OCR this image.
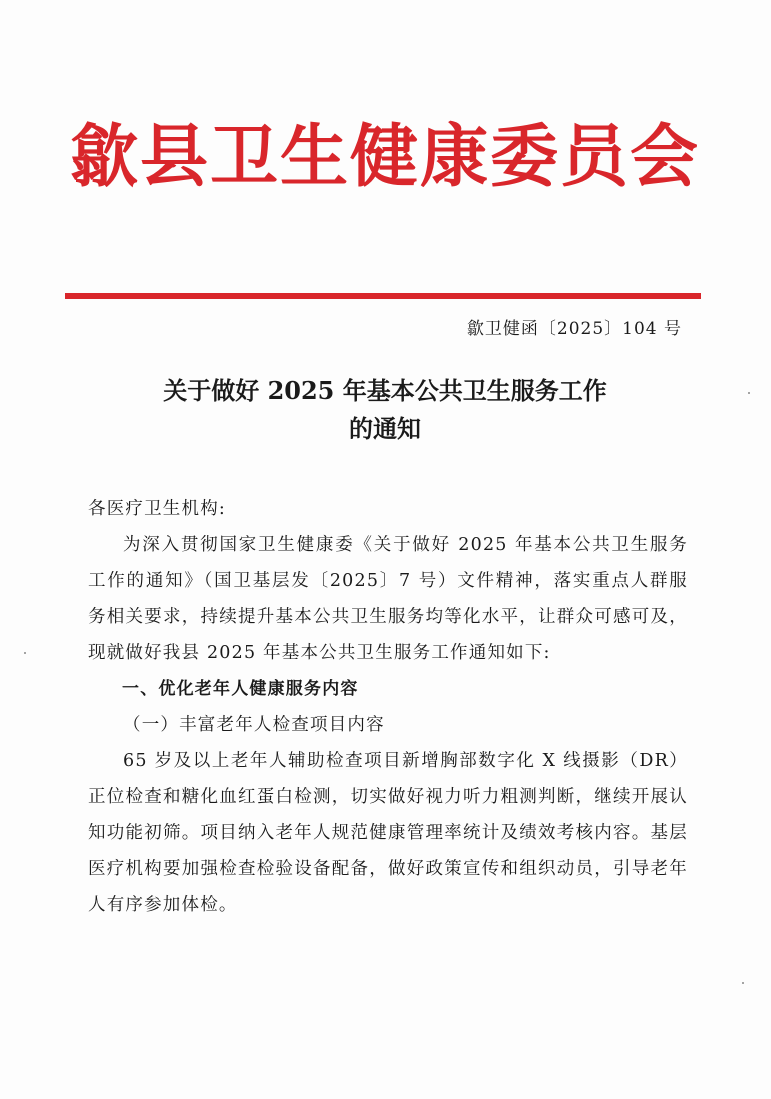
歙县卫生健康委员会
歙卫健函〔2025〕104 号
关于做好 2025 年基本公共卫生服务工作
的通知

各医疗卫生机构:

为深入贯彻国家卫生健康委《关于做好 2025 年基本公共卫生服务工作的通知》（国卫基层发〔2025〕7 号）文件精神，落实重点人群服务相关要求，持续提升基本公共卫生服务均等化水平，让群众可感可及，现就做好我县 2025 年基本公共卫生服务工作通知如下:

一、优化老年人健康服务内容

（一）丰富老年人检查项目内容

65 岁及以上老年人辅助检查项目新增胸部数字化 X 线摄影（DR）正位检查和糖化血红蛋白检测，切实做好视力听力粗测判断，继续开展认知功能初筛。项目纳入老年人规范健康管理率统计及绩效考核内容。基层医疗机构要加强检查检验设备配备，做好政策宣传和组织动员，引导老年人有序参加体检。
